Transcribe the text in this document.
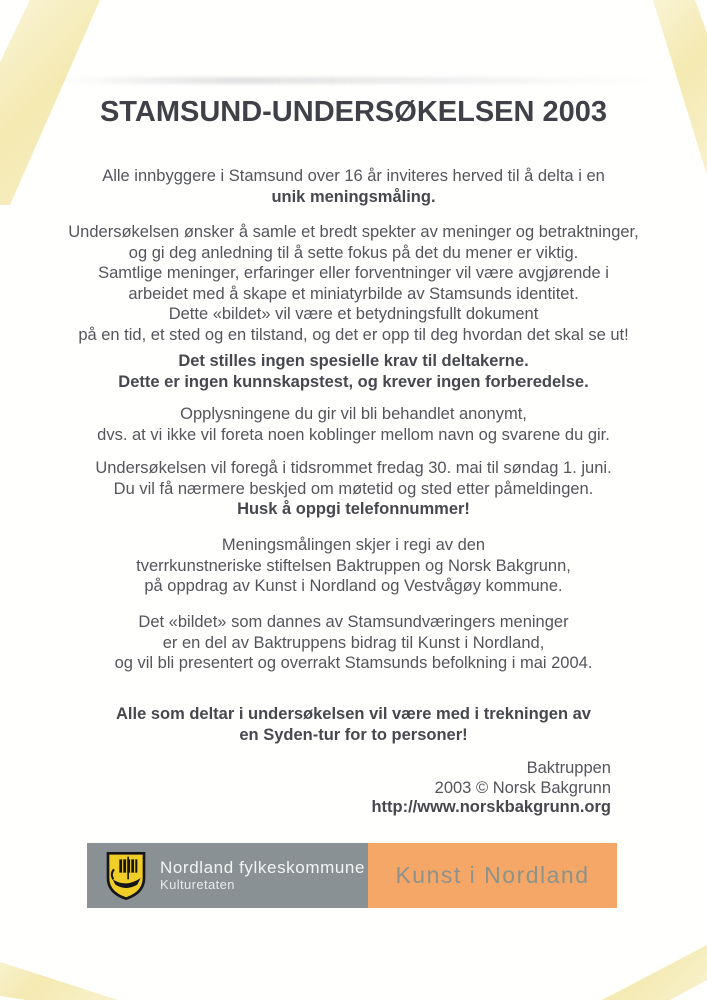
STAMSUND-UNDERSØKELSEN 2003

Alle innbyggere i Stamsund over 16 år inviteres herved til å delta i en
unik meningsmåling.

Undersøkelsen ønsker å samle et bredt spekter av meninger og betraktninger,
og gi deg anledning til å sette fokus på det du mener er viktig.
Samtlige meninger, erfaringer eller forventninger vil være avgjørende i
arbeidet med å skape et miniatyrbilde av Stamsunds identitet.
Dette «bildet» vil være et betydningsfullt dokument
på en tid, et sted og en tilstand, og det er opp til deg hvordan det skal se ut!

Det stilles ingen spesielle krav til deltakerne.
Dette er ingen kunnskapstest, og krever ingen forberedelse.

Opplysningene du gir vil bli behandlet anonymt,
dvs. at vi ikke vil foreta noen koblinger mellom navn og svarene du gir.

Undersøkelsen vil foregå i tidsrommet fredag 30. mai til søndag 1. juni.
Du vil få nærmere beskjed om møtetid og sted etter påmeldingen.
Husk å oppgi telefonnummer!

Meningsmålingen skjer i regi av den
tverrkunstneriske stiftelsen Baktruppen og Norsk Bakgrunn,
på oppdrag av Kunst i Nordland og Vestvågøy kommune.

Det «bildet» som dannes av Stamsundværingers meninger
er en del av Baktruppens bidrag til Kunst i Nordland,
og vil bli presentert og overrakt Stamsunds befolkning i mai 2004.

Alle som deltar i undersøkelsen vil være med i trekningen av
en Syden-tur for to personer!

Baktruppen
2003 © Norsk Bakgrunn
http://www.norskbakgrunn.org
Nordland fylkeskommune
Kulturetaten	Kunst i Nordland
